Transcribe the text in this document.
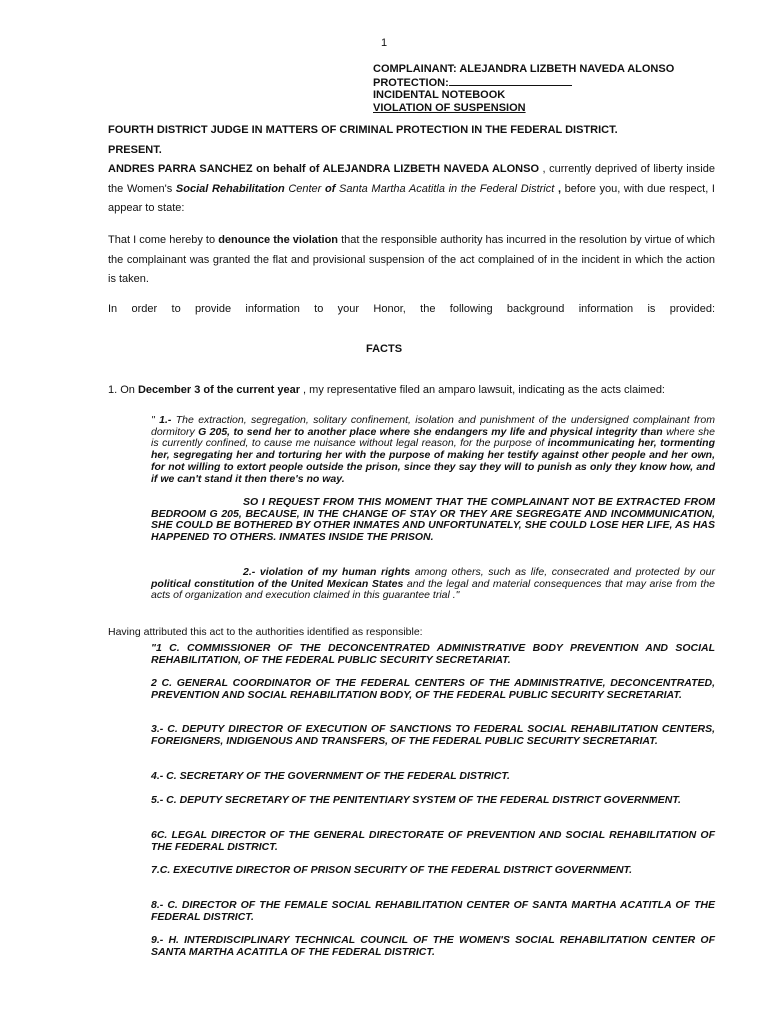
1
COMPLAINANT: ALEJANDRA LIZBETH NAVEDA ALONSO
PROTECTION:
INCIDENTAL NOTEBOOK
VIOLATION OF SUSPENSION
FOURTH DISTRICT JUDGE IN MATTERS OF CRIMINAL PROTECTION IN THE FEDERAL DISTRICT.
PRESENT.
ANDRES PARRA SANCHEZ on behalf of ALEJANDRA LIZBETH NAVEDA ALONSO , currently deprived of liberty inside the Women's Social Rehabilitation Center of Santa Martha Acatitla in the Federal District , before you, with due respect, I appear to state:
That I come hereby to denounce the violation that the responsible authority has incurred in the resolution by virtue of which the complainant was granted the flat and provisional suspension of the act complained of in the incident in which the action is taken.
In order to provide information to your Honor, the following background information is provided:
FACTS
1. On December 3 of the current year , my representative filed an amparo lawsuit, indicating as the acts claimed:
" 1.- The extraction, segregation, solitary confinement, isolation and punishment of the undersigned complainant from dormitory G 205, to send her to another place where she endangers my life and physical integrity than where she is currently confined, to cause me nuisance without legal reason, for the purpose of incommunicating her, tormenting her, segregating her and torturing her with the purpose of making her testify against other people and her own, for not willing to extort people outside the prison, since they say they will to punish as only they know how, and if we can't stand it then there's no way.
SO I REQUEST FROM THIS MOMENT THAT THE COMPLAINANT NOT BE EXTRACTED FROM BEDROOM G 205, BECAUSE, IN THE CHANGE OF STAY OR THEY ARE SEGREGATE AND INCOMMUNICATION, SHE COULD BE BOTHERED BY OTHER INMATES AND UNFORTUNATELY, SHE COULD LOSE HER LIFE, AS HAS HAPPENED TO OTHERS. INMATES INSIDE THE PRISON.
2.- violation of my human rights among others, such as life, consecrated and protected by our political constitution of the United Mexican States and the legal and material consequences that may arise from the acts of organization and execution claimed in this guarantee trial ."
Having attributed this act to the authorities identified as responsible:
"1 C. COMMISSIONER OF THE DECONCENTRATED ADMINISTRATIVE BODY PREVENTION AND SOCIAL REHABILITATION, OF THE FEDERAL PUBLIC SECURITY SECRETARIAT.
2 C. GENERAL COORDINATOR OF THE FEDERAL CENTERS OF THE ADMINISTRATIVE, DECONCENTRATED, PREVENTION AND SOCIAL REHABILITATION BODY, OF THE FEDERAL PUBLIC SECURITY SECRETARIAT.
3.- C. DEPUTY DIRECTOR OF EXECUTION OF SANCTIONS TO FEDERAL SOCIAL REHABILITATION CENTERS, FOREIGNERS, INDIGENOUS AND TRANSFERS, OF THE FEDERAL PUBLIC SECURITY SECRETARIAT.
4.- C. SECRETARY OF THE GOVERNMENT OF THE FEDERAL DISTRICT.
5.- C. DEPUTY SECRETARY OF THE PENITENTIARY SYSTEM OF THE FEDERAL DISTRICT GOVERNMENT.
6C. LEGAL DIRECTOR OF THE GENERAL DIRECTORATE OF PREVENTION AND SOCIAL REHABILITATION OF THE FEDERAL DISTRICT.
7.C. EXECUTIVE DIRECTOR OF PRISON SECURITY OF THE FEDERAL DISTRICT GOVERNMENT.
8.- C. DIRECTOR OF THE FEMALE SOCIAL REHABILITATION CENTER OF SANTA MARTHA ACATITLA OF THE FEDERAL DISTRICT.
9.- H. INTERDISCIPLINARY TECHNICAL COUNCIL OF THE WOMEN'S SOCIAL REHABILITATION CENTER OF SANTA MARTHA ACATITLA OF THE FEDERAL DISTRICT.
